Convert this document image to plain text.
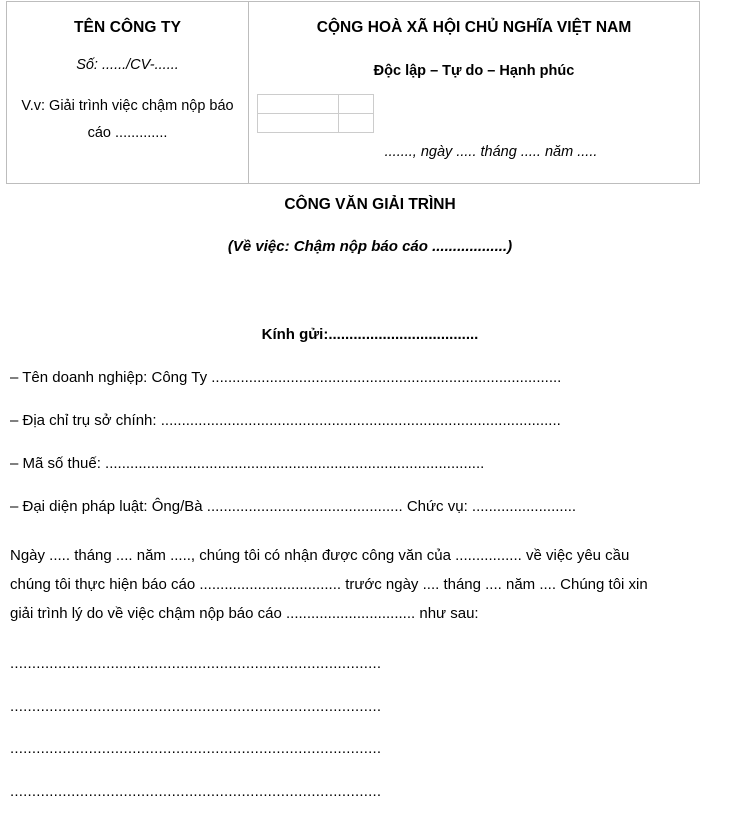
TÊN CÔNG TY
Số: ....../CV-......
V.v: Giải trình việc chậm nộp báo cáo .............
CỘNG HOÀ XÃ HỘI CHỦ NGHĨA VIỆT NAM
Độc lập – Tự do – Hạnh phúc

......., ngày ..... tháng ..... năm .....
CÔNG VĂN GIẢI TRÌNH
(Về việc: Chậm nộp báo cáo ..................)
Kính gửi:....................................
– Tên doanh nghiệp: Công Ty ....................................................................................
– Địa chỉ trụ sở chính: ................................................................................................
– Mã số thuế: ...........................................................................................
– Đại diện pháp luật: Ông/Bà ............................................... Chức vụ: .........................
Ngày ..... tháng .... năm ....., chúng tôi có nhận được công văn của ................ về việc yêu cầu
chúng tôi thực hiện báo cáo .................................. trước ngày .... tháng .... năm .... Chúng tôi xin
giải trình lý do về việc chậm nộp báo cáo ............................... như sau:
.....................................................................................
.....................................................................................
.....................................................................................
.....................................................................................
